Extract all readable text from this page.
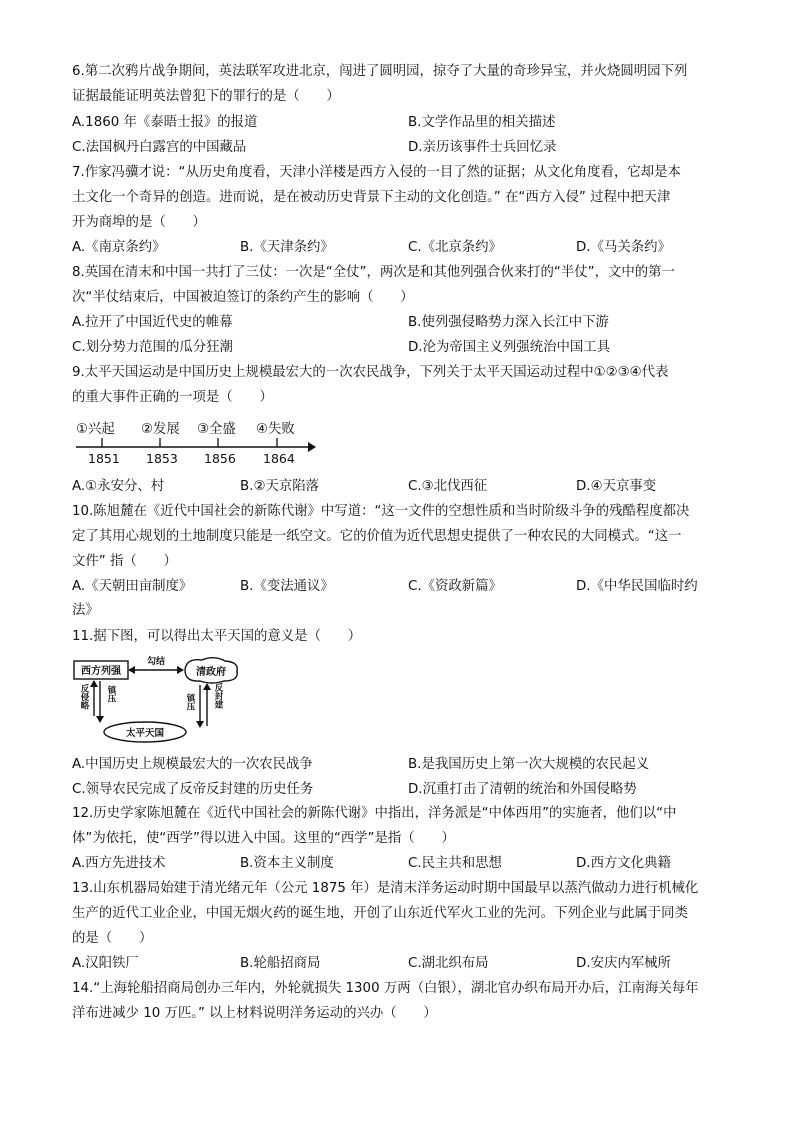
6.第二次鸦片战争期间，英法联军攻进北京，闯进了圆明园，掠夺了大量的奇珍异宝，并火烧圆明园下列
证据最能证明英法曾犯下的罪行的是（　　）
A.1860 年《泰晤士报》的报道	B.文学作品里的相关描述
C.法国枫丹白露宫的中国藏品	D.亲历该事件士兵回忆录
7.作家冯骥才说：“从历史角度看，天津小洋楼是西方入侵的一目了然的证据；从文化角度看，它却是本
土文化一个奇异的创造。进而说，是在被动历史背景下主动的文化创造。” 在“西方入侵” 过程中把天津
开为商埠的是（　　）
A.《南京条约》	B.《天津条约》	C.《北京条约》	D.《马关条约》
8.英国在清末和中国一共打了三仗：一次是“全仗”，两次是和其他列强合伙来打的“半仗”，文中的第一
次“半仗结束后，中国被迫签订的条约产生的影响（　　）
A.拉开了中国近代史的帷幕	B.使列强侵略势力深入长江中下游
C.划分势力范围的瓜分狂潮	D.沦为帝国主义列强统治中国工具
9.太平天国运动是中国历史上规模最宏大的一次农民战争，下列关于太平天国运动过程中①②③④代表
的重大事件正确的一项是（　　）
①兴起 ②发展 ③全盛 ④失败
1851 1853 1856 1864
A.①永安分、村	B.②天京陷落	C.③北伐西征	D.④天京事变
10.陈旭麓在《近代中国社会的新陈代谢》中写道：“这一文件的空想性质和当时阶级斗争的残酷程度都决
定了其用心规划的土地制度只能是一纸空文。它的价值为近代思想史提供了一种农民的大同模式。“这一
文件” 指（　　）
A.《天朝田亩制度》	B.《变法通议》	C.《资政新篇》	D.《中华民国临时约
法》
11.据下图，可以得出太平天国的意义是（　　）
西方列强	清政府
勾结
太平天国
反侵略 镇压	镇压 反封建
A.中国历史上规模最宏大的一次农民战争	B.是我国历史上第一次大规模的农民起义
C.领导农民完成了反帝反封建的历史任务	D.沉重打击了清朝的统治和外国侵略势
12.历史学家陈旭麓在《近代中国社会的新陈代谢》中指出，洋务派是“中体西用”的实施者，他们以“中
体”为依托，使“西学”得以进入中国。这里的“西学”是指（　　）
A.西方先进技术	B.资本主义制度	C.民主共和思想	D.西方文化典籍
13.山东机器局始建于清光绪元年（公元 1875 年）是清末洋务运动时期中国最早以蒸汽做动力进行机械化
生产的近代工业企业，中国无烟火药的诞生地，开创了山东近代军火工业的先河。下列企业与此属于同类
的是（　　）
A.汉阳铁厂	B.轮船招商局	C.湖北织布局	D.安庆内军械所
14.“上海轮船招商局创办三年内，外轮就损失 1300 万两（白银），湖北官办织布局开办后，江南海关每年
洋布进减少 10 万匹。” 以上材料说明洋务运动的兴办（　　）
